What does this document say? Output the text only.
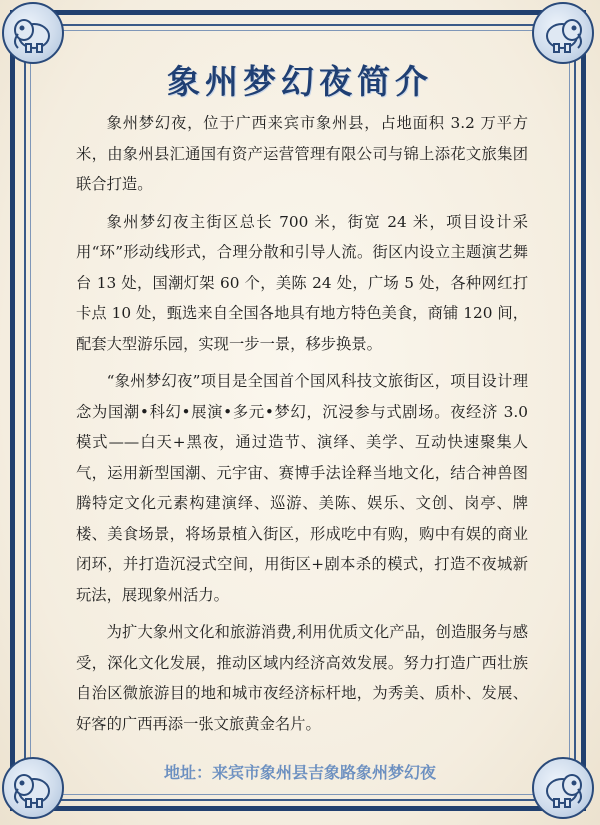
象州梦幻夜简介

象州梦幻夜，位于广西来宾市象州县，占地面积 3.2 万平方米，由象州县汇通国有资产运营管理有限公司与锦上添花文旅集团联合打造。

象州梦幻夜主街区总长 700 米，街宽 24 米，项目设计采用“环”形动线形式，合理分散和引导人流。街区内设立主题演艺舞台 13 处，国潮灯架 60 个，美陈 24 处，广场 5 处，各种网红打卡点 10 处，甄选来自全国各地具有地方特色美食，商铺 120 间，配套大型游乐园，实现一步一景，移步换景。

“象州梦幻夜”项目是全国首个国风科技文旅街区，项目设计理念为国潮•科幻•展演•多元•梦幻，沉浸参与式剧场。夜经济 3.0 模式——白天+黑夜，通过造节、演绎、美学、互动快速聚集人气，运用新型国潮、元宇宙、赛博手法诠释当地文化，结合神兽图腾特定文化元素构建演绎、巡游、美陈、娱乐、文创、岗亭、牌楼、美食场景，将场景植入街区，形成吃中有购，购中有娱的商业闭环，并打造沉浸式空间，用街区+剧本杀的模式，打造不夜城新玩法，展现象州活力。

为扩大象州文化和旅游消费,利用优质文化产品，创造服务与感受，深化文化发展，推动区域内经济高效发展。努力打造广西壮族自治区微旅游目的地和城市夜经济标杆地，为秀美、质朴、发展、好客的广西再添一张文旅黄金名片。

地址：来宾市象州县吉象路象州梦幻夜
